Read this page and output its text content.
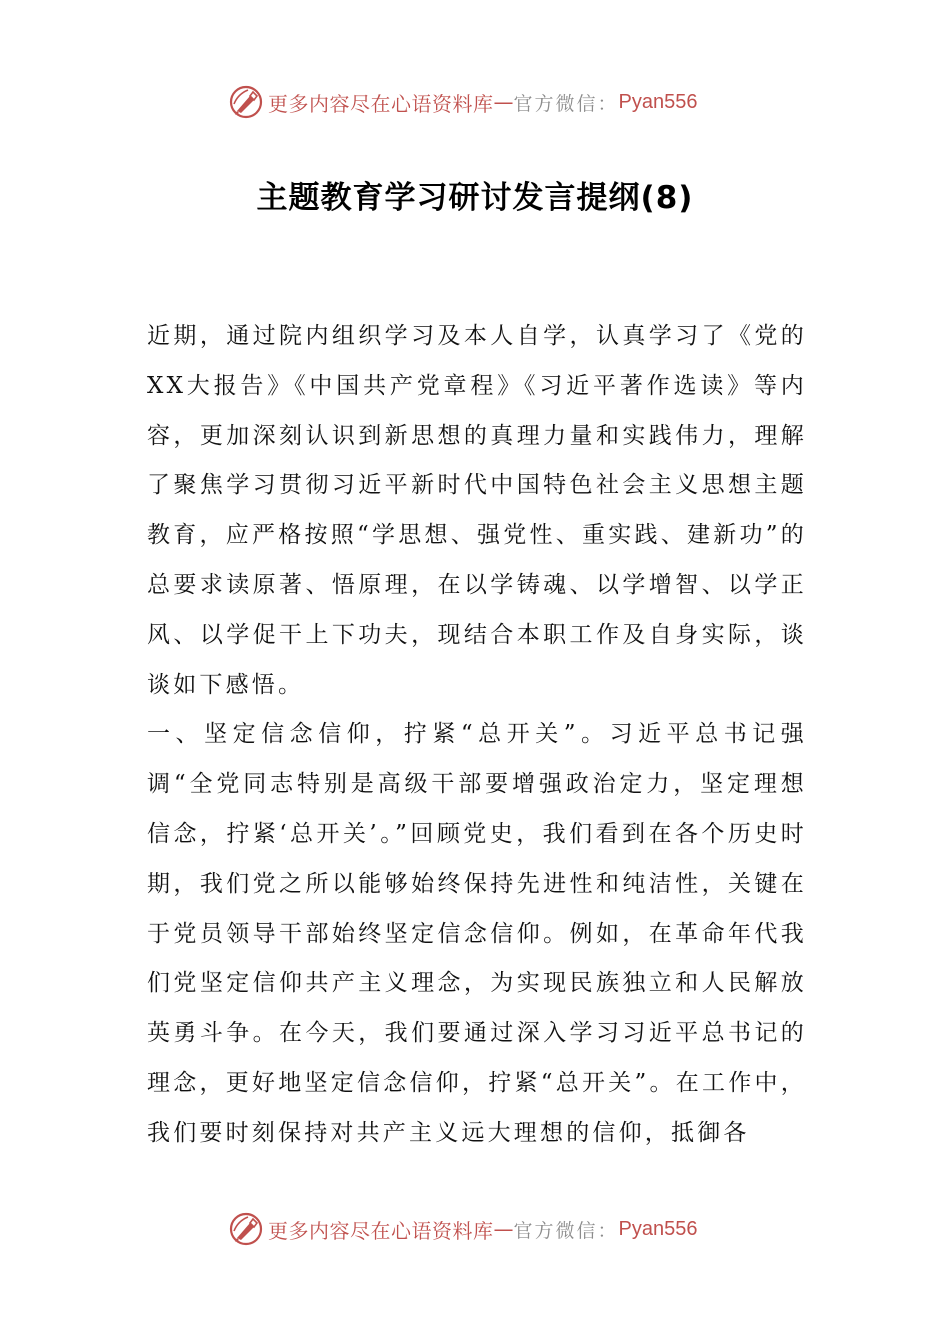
更多内容尽在心语资料库 — 官方微信： Pyan556
主题教育学习研讨发言提纲(8)

近期，通过院内组织学习及本人自学，认真学习了《党的XX大报告》《中国共产党章程》《习近平著作选读》等内容，更加深刻认识到新思想的真理力量和实践伟力，理解了聚焦学习贯彻习近平新时代中国特色社会主义思想主题教育，应严格按照“学思想、强党性、重实践、建新功”的总要求读原著、悟原理，在以学铸魂、以学增智、以学正风、以学促干上下功夫，现结合本职工作及自身实际，谈谈如下感悟。

一、坚定信念信仰，拧紧“总开关”。习近平总书记强调“全党同志特别是高级干部要增强政治定力，坚定理想信念，拧紧‘总开关’。”回顾党史，我们看到在各个历史时期，我们党之所以能够始终保持先进性和纯洁性，关键在于党员领导干部始终坚定信念信仰。例如，在革命年代我们党坚定信仰共产主义理念，为实现民族独立和人民解放英勇斗争。在今天，我们要通过深入学习习近平总书记的理念，更好地坚定信念信仰，拧紧“总开关”。在工作中，我们要时刻保持对共产主义远大理想的信仰，抵御各

更多内容尽在心语资料库 — 官方微信： Pyan556
